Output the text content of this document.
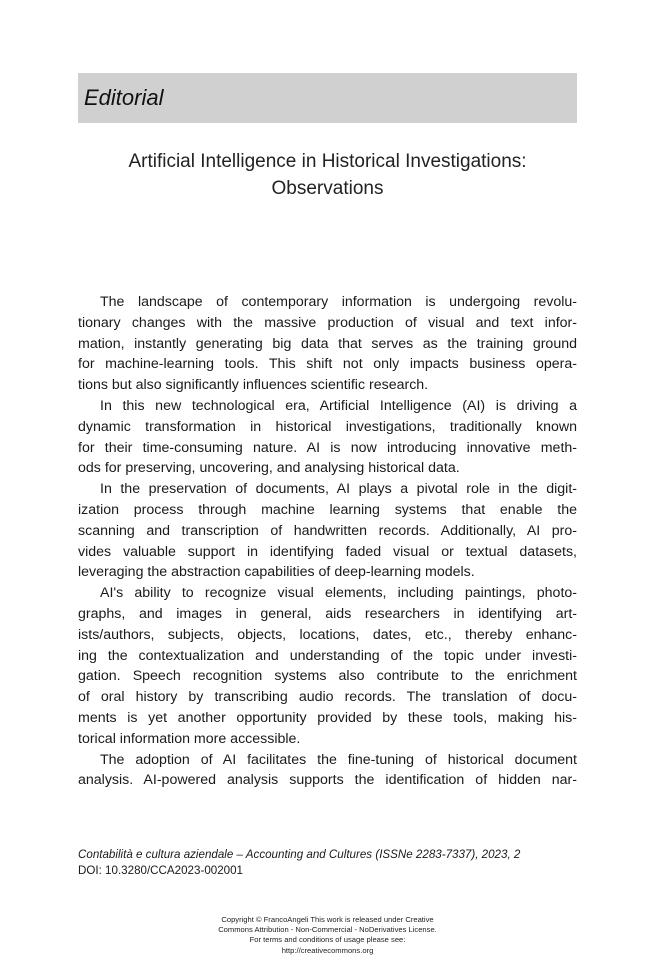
Editorial
Artificial Intelligence in Historical Investigations:
Observations
The landscape of contemporary information is undergoing revolu-
tionary changes with the massive production of visual and text infor-
mation, instantly generating big data that serves as the training ground
for machine-learning tools. This shift not only impacts business opera-
tions but also significantly influences scientific research.
In this new technological era, Artificial Intelligence (AI) is driving a
dynamic transformation in historical investigations, traditionally known
for their time-consuming nature. AI is now introducing innovative meth-
ods for preserving, uncovering, and analysing historical data.
In the preservation of documents, AI plays a pivotal role in the digit-
ization process through machine learning systems that enable the
scanning and transcription of handwritten records. Additionally, AI pro-
vides valuable support in identifying faded visual or textual datasets,
leveraging the abstraction capabilities of deep-learning models.
AI's ability to recognize visual elements, including paintings, photo-
graphs, and images in general, aids researchers in identifying art-
ists/authors, subjects, objects, locations, dates, etc., thereby enhanc-
ing the contextualization and understanding of the topic under investi-
gation. Speech recognition systems also contribute to the enrichment
of oral history by transcribing audio records. The translation of docu-
ments is yet another opportunity provided by these tools, making his-
torical information more accessible.
The adoption of AI facilitates the fine-tuning of historical document
analysis. AI-powered analysis supports the identification of hidden nar-
Contabilità e cultura aziendale – Accounting and Cultures (ISSNe 2283-7337), 2023, 2
DOI: 10.3280/CCA2023-002001
Copyright © FrancoAngeli This work is released under Creative
Commons Attribution - Non-Commercial - NoDerivatives License.
For terms and conditions of usage please see:
http://creativecommons.org
